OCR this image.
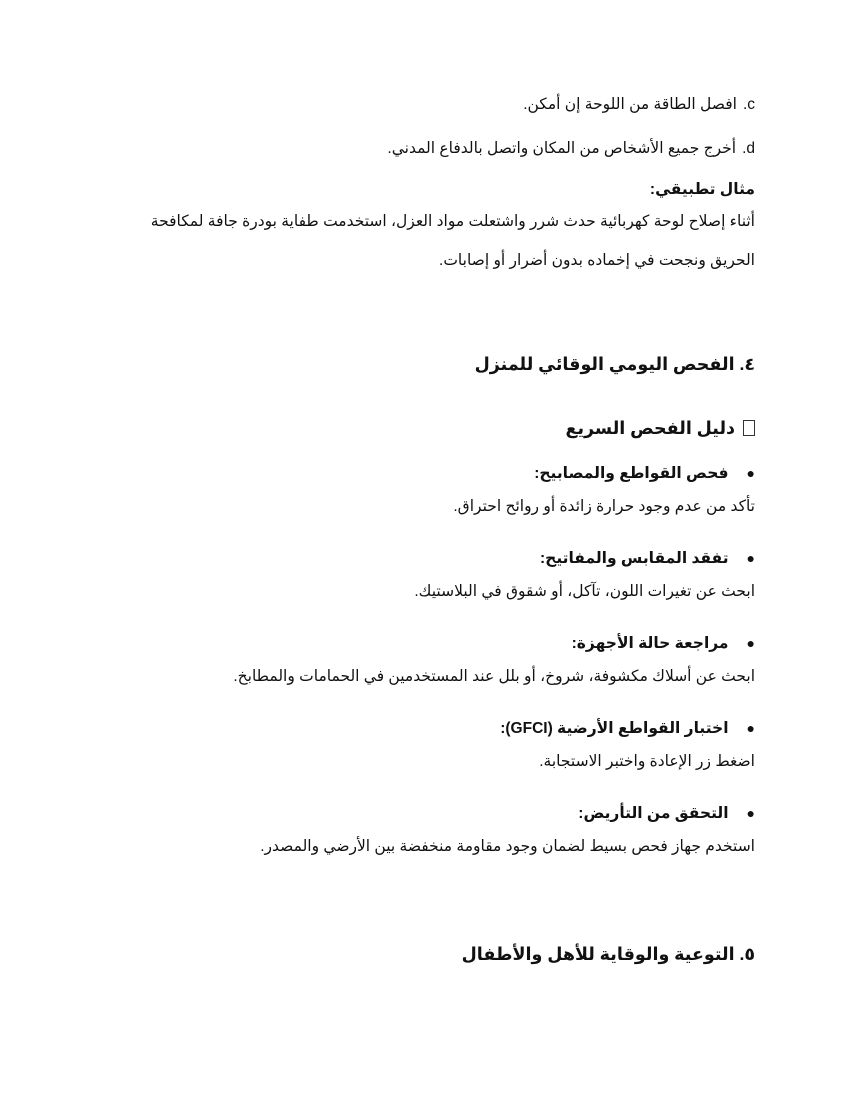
c.افصل الطاقة من اللوحة إن أمكن.
d.أخرج جميع الأشخاص من المكان واتصل بالدفاع المدني.
مثال تطبيقي:
أثناء إصلاح لوحة كهربائية حدث شرر واشتعلت مواد العزل، استخدمت طفاية بودرة جافة لمكافحة
الحريق ونجحت في إخماده بدون أضرار أو إصابات.
٤. الفحص اليومي الوقائي للمنزل
دليل الفحص السريع
●فحص القواطع والمصابيح:
تأكد من عدم وجود حرارة زائدة أو روائح احتراق.
●تفقد المقابس والمفاتيح:
ابحث عن تغيرات اللون، تآكل، أو شقوق في البلاستيك.
●مراجعة حالة الأجهزة:
ابحث عن أسلاك مكشوفة، شروخ، أو بلل عند المستخدمين في الحمامات والمطابخ.
●اختبار القواطع الأرضية (GFCI):
اضغط زر الإعادة واختبر الاستجابة.
●التحقق من التأريض:
استخدم جهاز فحص بسيط لضمان وجود مقاومة منخفضة بين الأرضي والمصدر.
٥. التوعية والوقاية للأهل والأطفال
